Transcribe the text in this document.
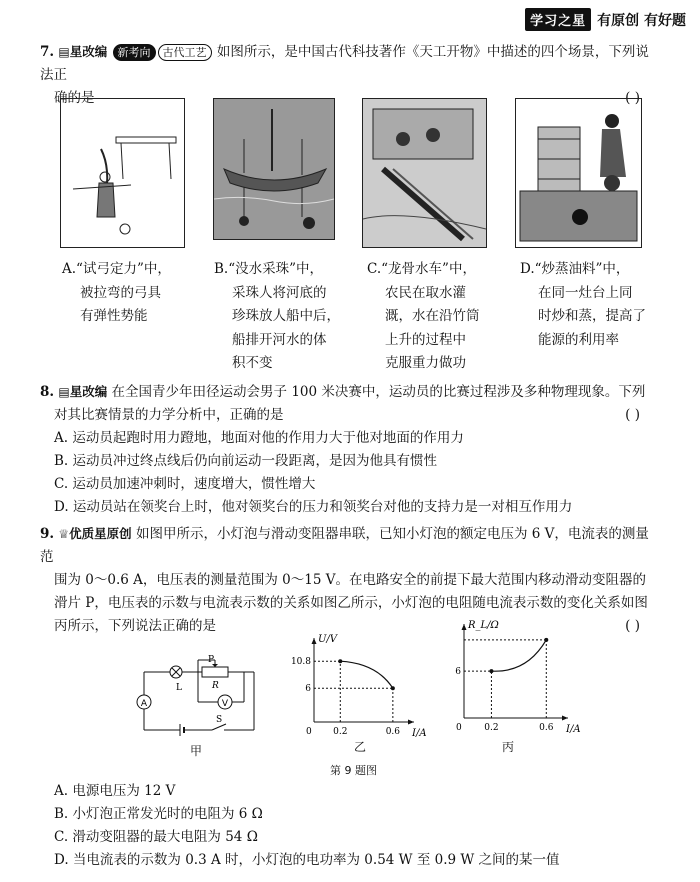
学习之星 有原创 有好题
7. ▤星改编 新考向 古代工艺 如图所示，是中国古代科技著作《天工开物》中描述的四个场景，下列说法正
确的是	( )
A.“试弓定力”中，
被拉弯的弓具
有弹性势能
B.“没水采珠”中，
采珠人将河底的
珍珠放人船中后，
船排开河水的体
积不变
C.“龙骨水车”中，
农民在取水灌
溉，水在沿竹筒
上升的过程中
克服重力做功
D.“炒蒸油料”中，
在同一灶台上同
时炒和蒸，提高了
能源的利用率
8. ▤星改编 在全国青少年田径运动会男子 100 米决赛中，运动员的比赛过程涉及多种物理现象。下列
对其比赛情景的力学分析中，正确的是	( )

A. 运动员起跑时用力蹬地，地面对他的作用力大于他对地面的作用力
B. 运动员冲过终点线后仍向前运动一段距离，是因为他具有惯性
C. 运动员加速冲刺时，速度增大，惯性增大
D. 运动员站在领奖台上时，他对领奖台的压力和领奖台对他的支持力是一对相互作用力
9. ♕优质星原创 如图甲所示，小灯泡与滑动变阻器串联，已知小灯泡的额定电压为 6 V，电流表的测量范
围为 0～0.6 A，电压表的测量范围为 0～15 V。在电路安全的前提下最大范围内移动滑动变阻器的
滑片 P，电压表的示数与电流表示数的关系如图乙所示，小灯泡的电阻随电流表示数的变化关系如图
丙所示，下列说法正确的是	( )
A
L
P
R
V
S
甲
I/A
U/V
0 0.2	0.6
10.8
6
乙
I/A
R_L/Ω
0	0.2	0.6
6
丙
第 9 题图
A. 电源电压为 12 V
B. 小灯泡正常发光时的电阻为 6 Ω
C. 滑动变阻器的最大电阻为 54 Ω
D. 当电流表的示数为 0.3 A 时，小灯泡的电功率为 0.54 W 至 0.9 W 之间的某一值
